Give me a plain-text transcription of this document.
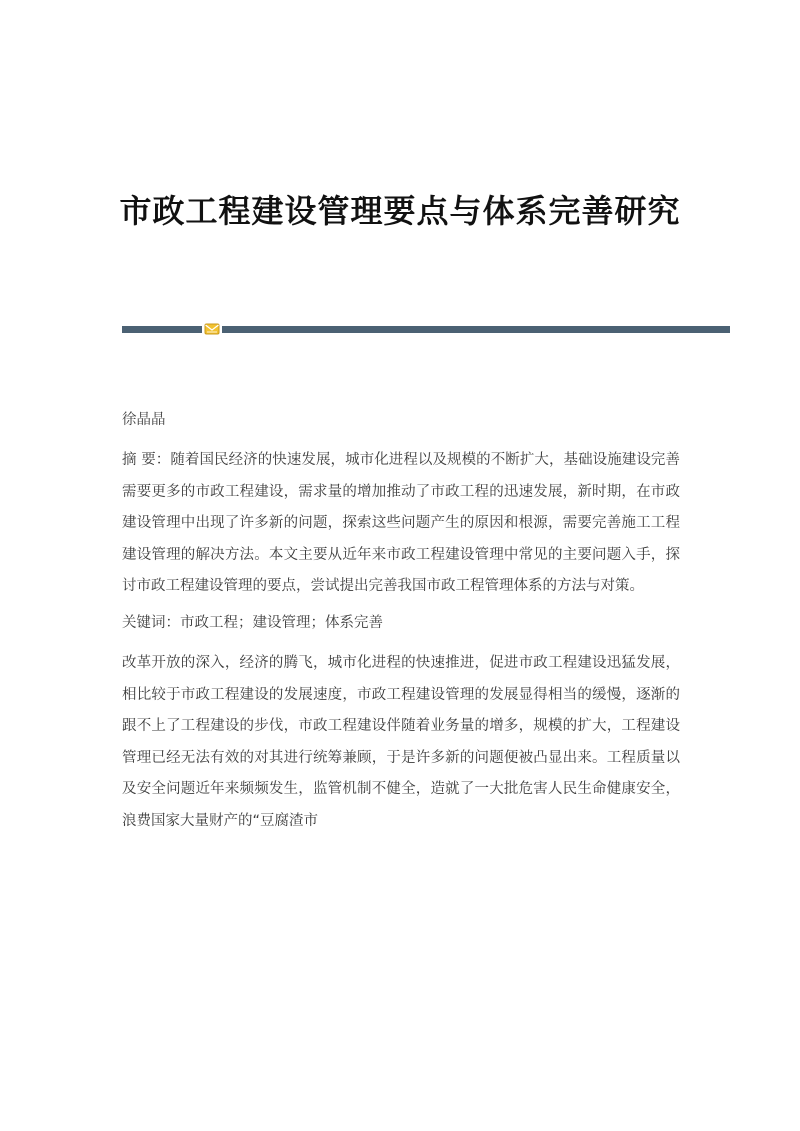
市政工程建设管理要点与体系完善研究

徐晶晶

摘 要：随着国民经济的快速发展，城市化进程以及规模的不断扩大，基础设施建设完善需要更多的市政工程建设，需求量的增加推动了市政工程的迅速发展，新时期，在市政建设管理中出现了许多新的问题，探索这些问题产生的原因和根源，需要完善施工工程建设管理的解决方法。本文主要从近年来市政工程建设管理中常见的主要问题入手，探讨市政工程建设管理的要点，尝试提出完善我国市政工程管理体系的方法与对策。

关键词：市政工程；建设管理；体系完善

改革开放的深入，经济的腾飞，城市化进程的快速推进，促进市政工程建设迅猛发展，相比较于市政工程建设的发展速度，市政工程建设管理的发展显得相当的缓慢，逐渐的跟不上了工程建设的步伐，市政工程建设伴随着业务量的增多，规模的扩大，工程建设管理已经无法有效的对其进行统筹兼顾，于是许多新的问题便被凸显出来。工程质量以及安全问题近年来频频发生，监管机制不健全，造就了一大批危害人民生命健康安全，浪费国家大量财产的“豆腐渣市
